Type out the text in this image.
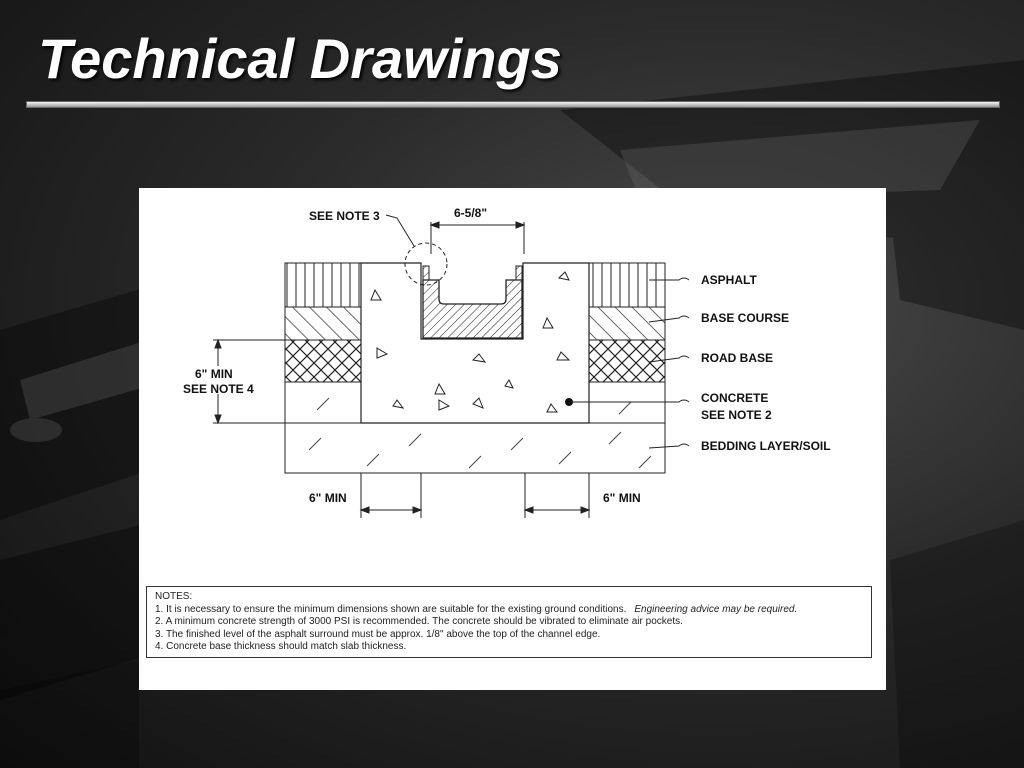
Technical Drawings
SEE NOTE 3	6-5/8"
ASPHALT
BASE COURSE
ROAD BASE
CONCRETE
SEE NOTE 2
BEDDING LAYER/SOIL
6" MIN
SEE NOTE 4
6" MIN	6" MIN
NOTES:
1. It is necessary to ensure the minimum dimensions shown are suitable for the existing ground conditions. Engineering advice may be required.
2. A minimum concrete strength of 3000 PSI is recommended. The concrete should be vibrated to eliminate air pockets.
3. The finished level of the asphalt surround must be approx. 1/8" above the top of the channel edge.
4. Concrete base thickness should match slab thickness.
